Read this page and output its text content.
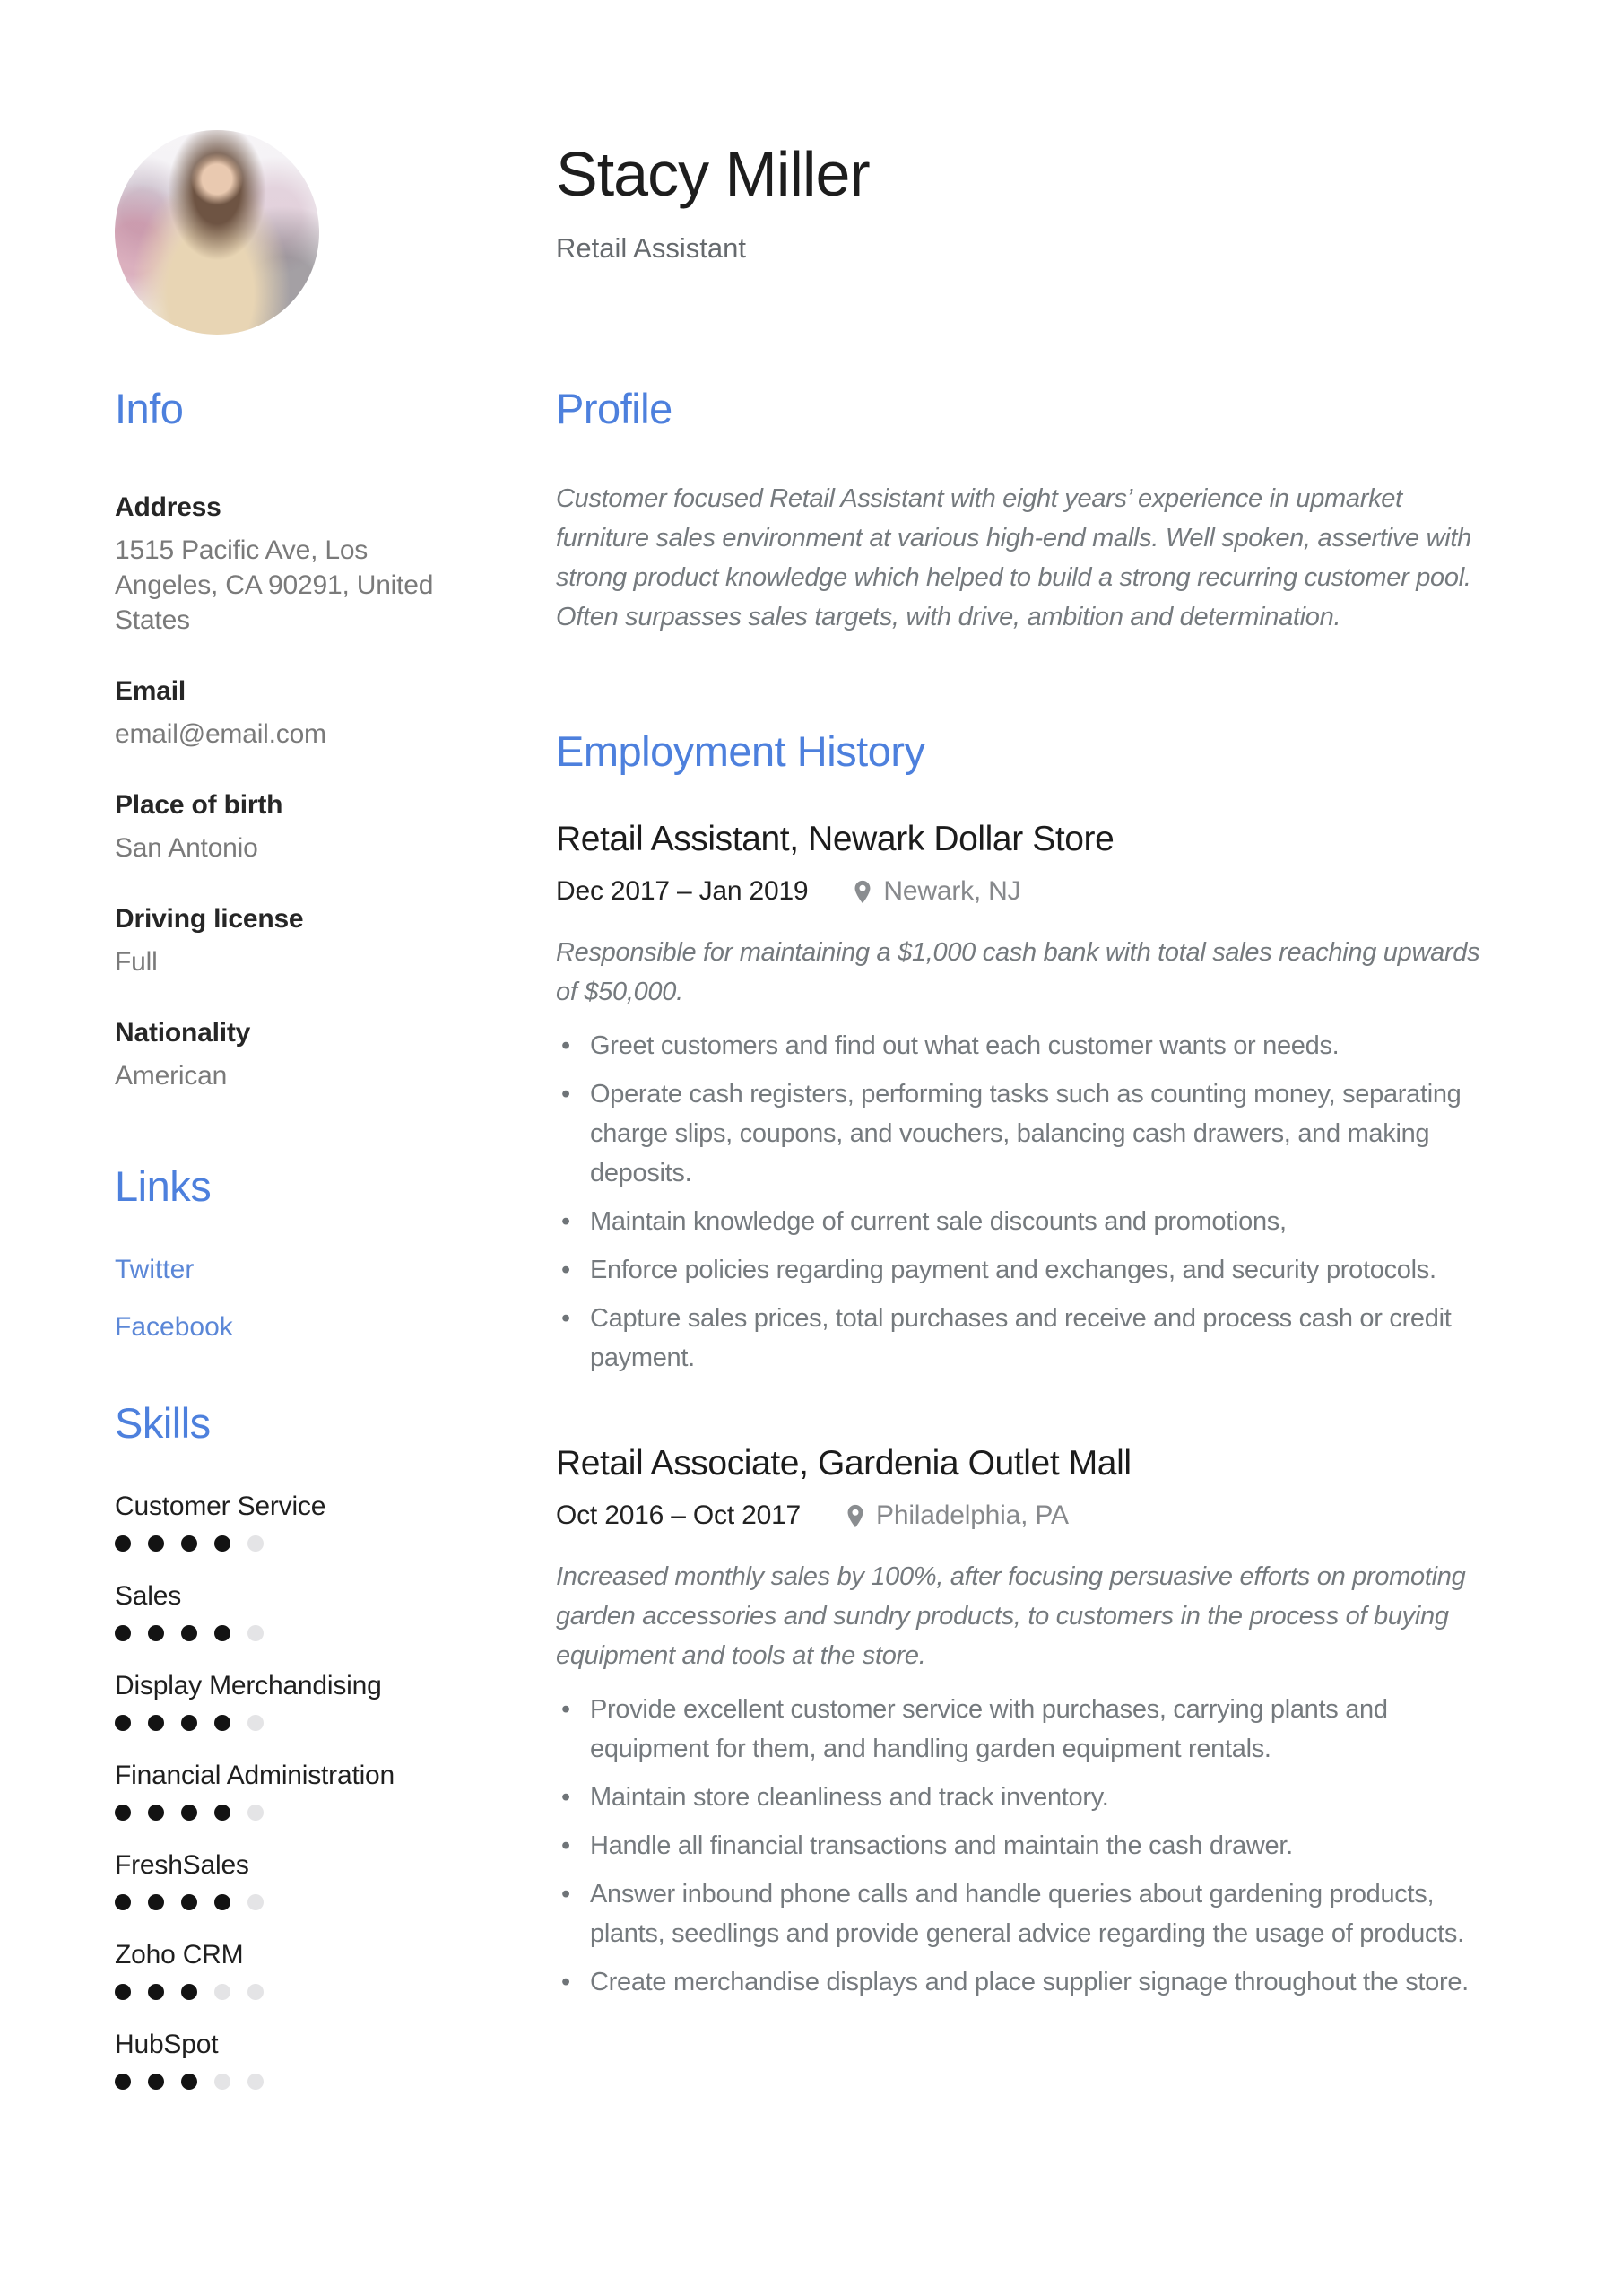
Stacy Miller
Retail Assistant
Info
Address
1515 Pacific Ave, Los Angeles, CA 90291, United States
Email
email@email.com
Place of birth
San Antonio
Driving license
Full
Nationality
American
Links
Twitter
Facebook
Skills
Customer Service
Sales
Display Merchandising
Financial Administration
FreshSales
Zoho CRM
HubSpot
Profile

Customer focused Retail Assistant with eight years’ experience in upmarket furniture sales environment at various high-end malls. Well spoken, assertive with strong product knowledge which helped to build a strong recurring customer pool. Often surpasses sales targets, with drive, ambition and determination.

Employment History
Retail Assistant, Newark Dollar Store
Dec 2017 – Jan 2019	Newark, NJ

Responsible for maintaining a $1,000 cash bank with total sales reaching upwards of $50,000.

• Greet customers and find out what each customer wants or needs.
• Operate cash registers, performing tasks such as counting money, separating charge slips, coupons, and vouchers, balancing cash drawers, and making deposits.
• Maintain knowledge of current sale discounts and promotions,
• Enforce policies regarding payment and exchanges, and security protocols.
• Capture sales prices, total purchases and receive and process cash or credit payment.
Retail Associate, Gardenia Outlet Mall
Oct 2016 – Oct 2017	Philadelphia, PA

Increased monthly sales by 100%, after focusing persuasive efforts on promoting garden accessories and sundry products, to customers in the process of buying equipment and tools at the store.

• Provide excellent customer service with purchases, carrying plants and equipment for them, and handling garden equipment rentals.
• Maintain store cleanliness and track inventory.
• Handle all financial transactions and maintain the cash drawer.
• Answer inbound phone calls and handle queries about gardening products, plants, seedlings and provide general advice regarding the usage of products.
• Create merchandise displays and place supplier signage throughout the store.
